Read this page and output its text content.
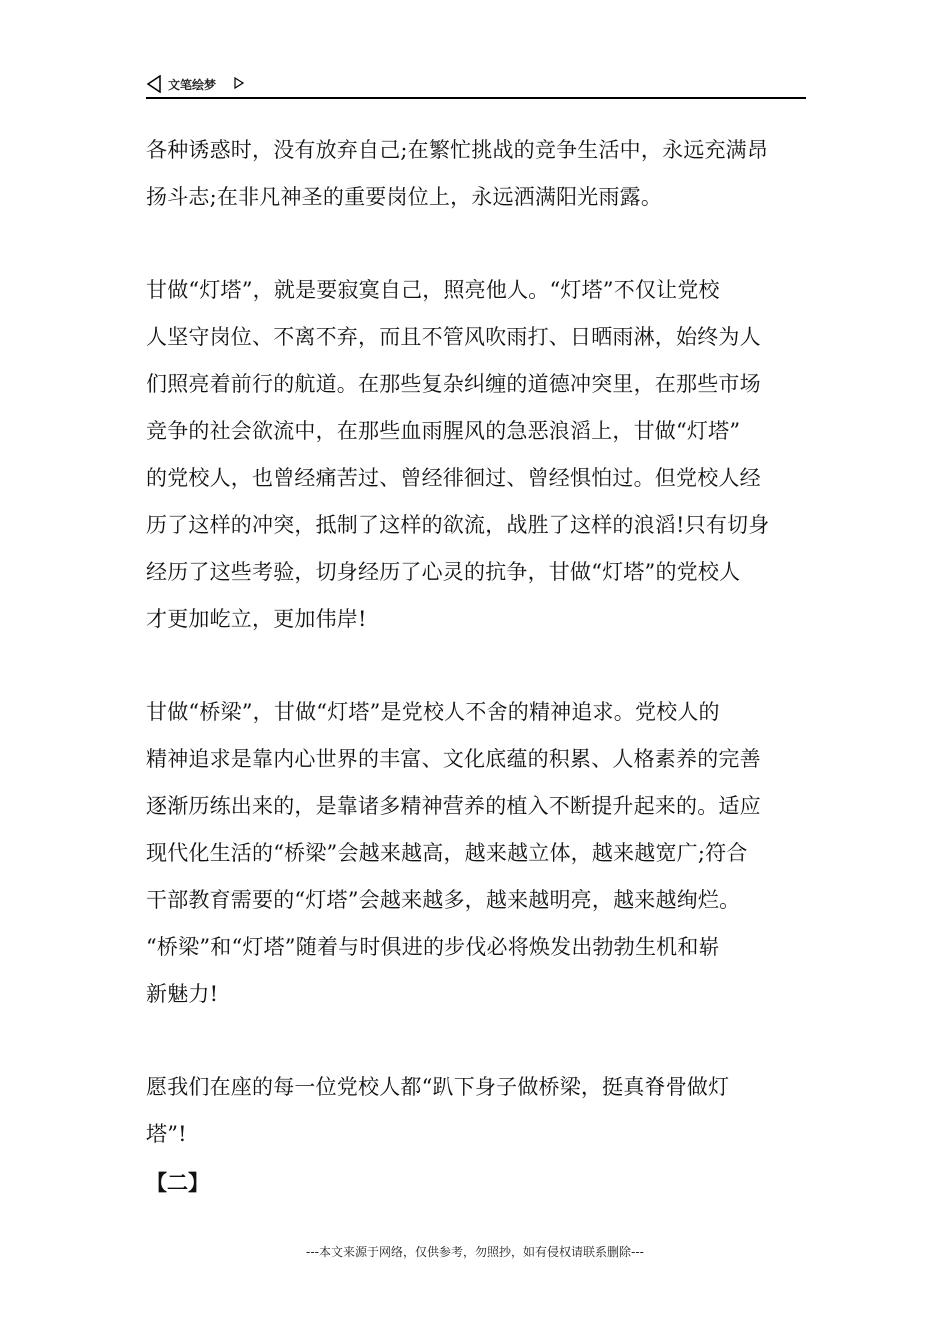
文笔绘梦

各种诱惑时，没有放弃自己;在繁忙挑战的竞争生活中，永远充满昂
扬斗志;在非凡神圣的重要岗位上，永远洒满阳光雨露。

甘做“灯塔”，就是要寂寞自己，照亮他人。“灯塔”不仅让党校
人坚守岗位、不离不弃，而且不管风吹雨打、日晒雨淋，始终为人
们照亮着前行的航道。在那些复杂纠缠的道德冲突里，在那些市场
竞争的社会欲流中，在那些血雨腥风的急恶浪滔上，甘做“灯塔”
的党校人，也曾经痛苦过、曾经徘徊过、曾经惧怕过。但党校人经
历了这样的冲突，抵制了这样的欲流，战胜了这样的浪滔!只有切身
经历了这些考验，切身经历了心灵的抗争，甘做“灯塔”的党校人
才更加屹立，更加伟岸!

甘做“桥梁”，甘做“灯塔”是党校人不舍的精神追求。党校人的
精神追求是靠内心世界的丰富、文化底蕴的积累、人格素养的完善
逐渐历练出来的，是靠诸多精神营养的植入不断提升起来的。适应
现代化生活的“桥梁”会越来越高，越来越立体，越来越宽广;符合
干部教育需要的“灯塔”会越来越多，越来越明亮，越来越绚烂。
“桥梁”和“灯塔”随着与时俱进的步伐必将焕发出勃勃生机和崭
新魅力!

愿我们在座的每一位党校人都“趴下身子做桥梁，挺真脊骨做灯
塔”!

【二】
---本文来源于网络，仅供参考，勿照抄，如有侵权请联系删除---
